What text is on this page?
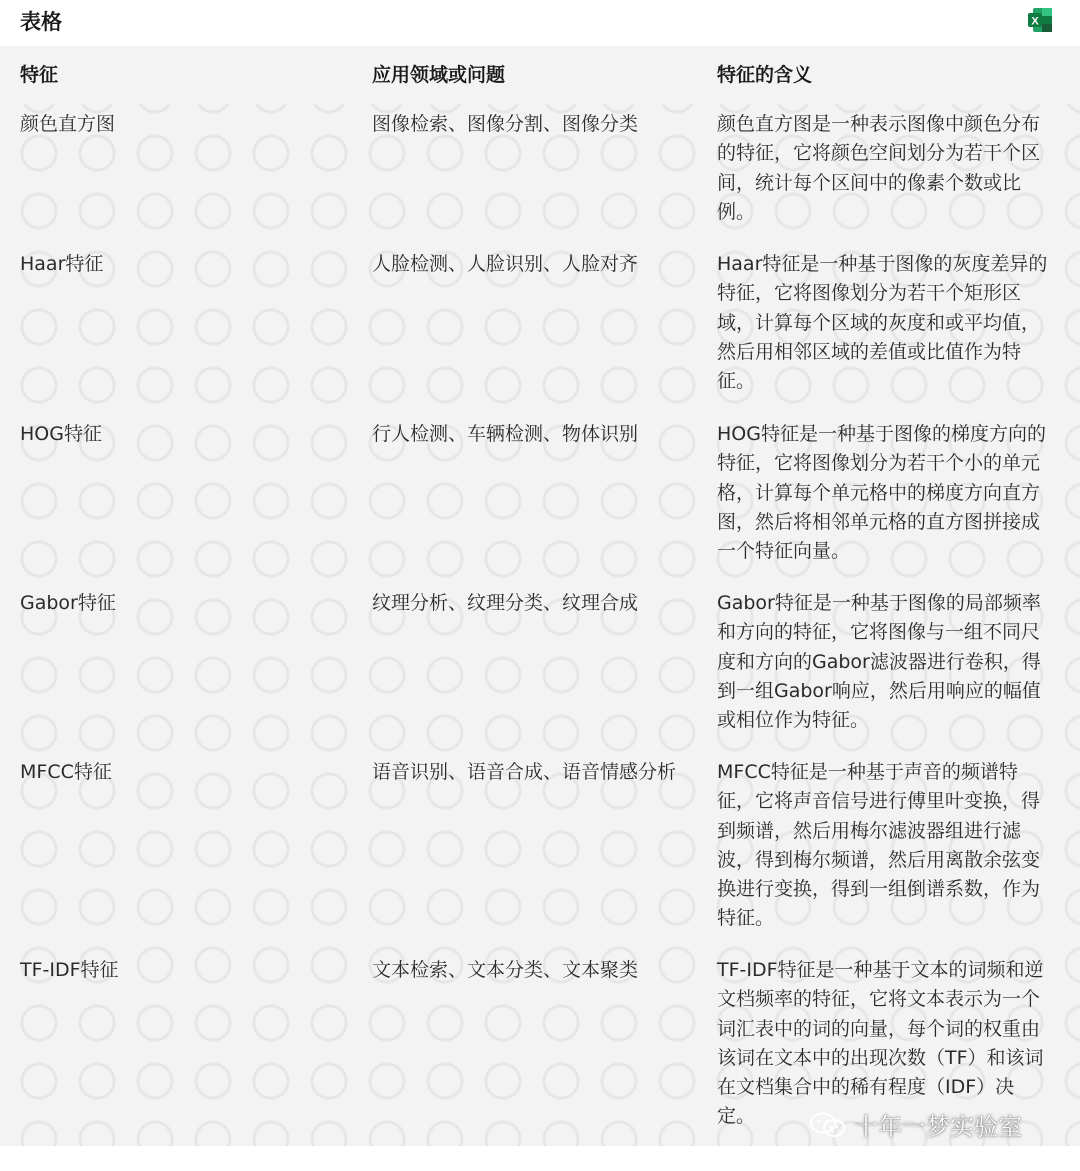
表格	X
特征	应用领域或问题	特征的含义
颜色直方图	图像检索、图像分割、图像分类	颜色直方图是一种表示图像中颜色分布的特征，它将颜色空间划分为若干个区间，统计每个区间中的像素个数或比例。
Haar特征	人脸检测、人脸识别、人脸对齐	Haar特征是一种基于图像的灰度差异的特征，它将图像划分为若干个矩形区域，计算每个区域的灰度和或平均值，然后用相邻区域的差值或比值作为特征。
HOG特征	行人检测、车辆检测、物体识别	HOG特征是一种基于图像的梯度方向的特征，它将图像划分为若干个小的单元格，计算每个单元格中的梯度方向直方图，然后将相邻单元格的直方图拼接成一个特征向量。
Gabor特征	纹理分析、纹理分类、纹理合成	Gabor特征是一种基于图像的局部频率和方向的特征，它将图像与一组不同尺度和方向的Gabor滤波器进行卷积，得到一组Gabor响应，然后用响应的幅值或相位作为特征。
MFCC特征	语音识别、语音合成、语音情感分析	MFCC特征是一种基于声音的频谱特征，它将声音信号进行傅里叶变换，得到频谱，然后用梅尔滤波器组进行滤波，得到梅尔频谱，然后用离散余弦变换进行变换，得到一组倒谱系数，作为特征。
TF-IDF特征	文本检索、文本分类、文本聚类	TF-IDF特征是一种基于文本的词频和逆文档频率的特征，它将文本表示为一个词汇表中的词的向量，每个词的权重由该词在文本中的出现次数（TF）和该词在文档集合中的稀有程度（IDF）决定。	十年一梦实验室
